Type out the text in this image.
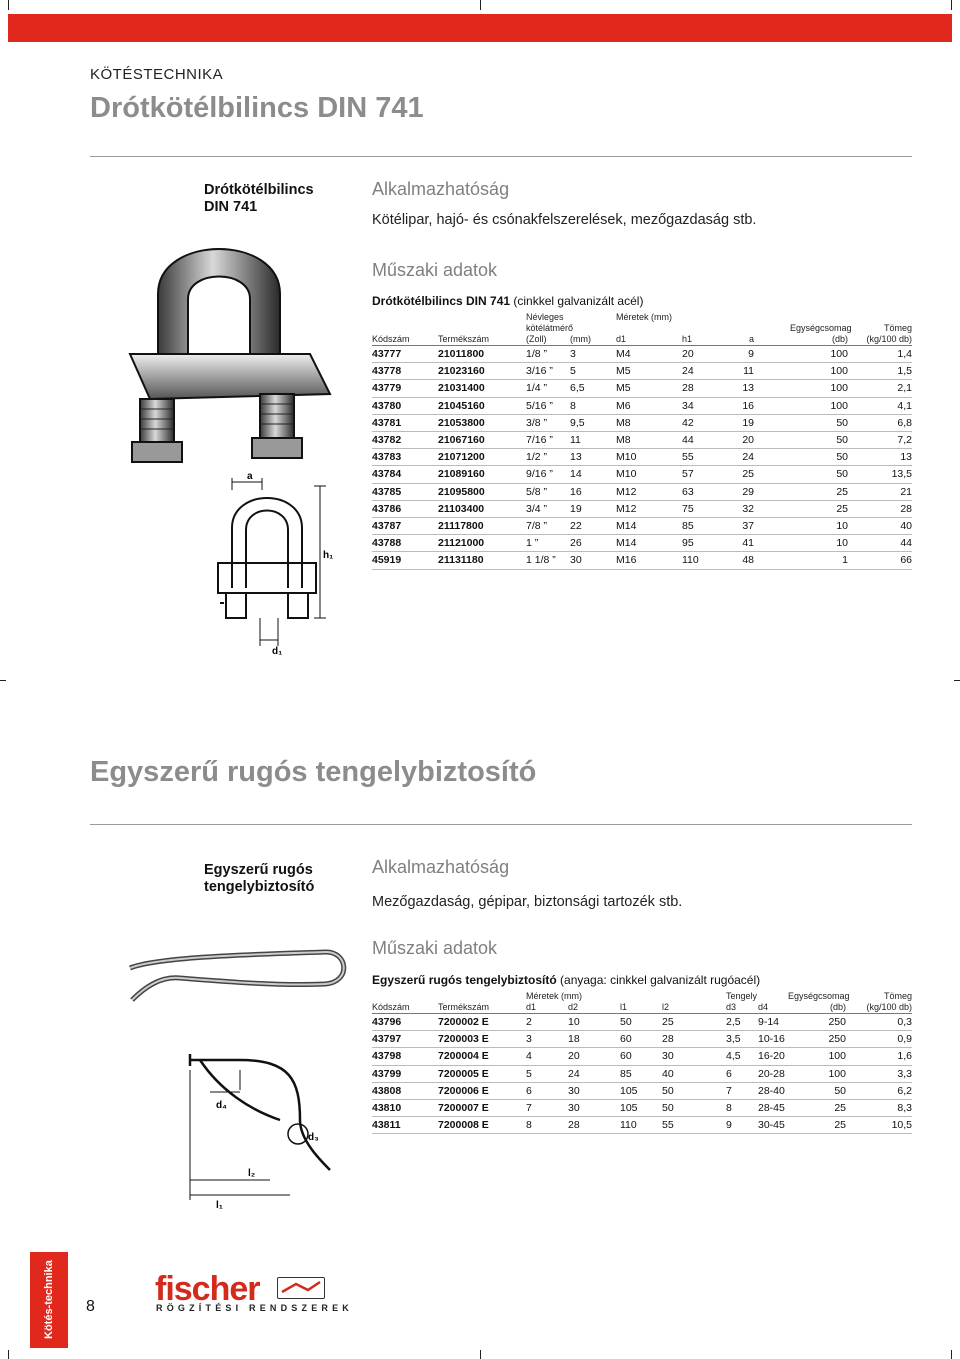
KÖTÉSTECHNIKA
Drótkötélbilincs DIN 741
Drótkötélbilincs
DIN 741
Alkalmazhatóság
Kötélipar, hajó- és csónakfelszerelések, mezőgazdaság stb.
Műszaki adatok
Drótkötélbilincs DIN 741 (cinkkel galvanizált acél)
a
h₁
d₁
		Névleges		Méretek (mm)				
		kötélátmérő					Egységcsomag	Tömeg
Kódszám	Termékszám	(Zoll)	(mm)	d1	h1	a	(db)	(kg/100 db)
43777	21011800	1/8 ”	3	M4	20	9	100	1,4
43778	21023160	3/16 ”	5	M5	24	11	100	1,5
43779	21031400	1/4 ”	6,5	M5	28	13	100	2,1
43780	21045160	5/16 ”	8	M6	34	16	100	4,1
43781	21053800	3/8 ”	9,5	M8	42	19	50	6,8
43782	21067160	7/16 ”	11	M8	44	20	50	7,2
43783	21071200	1/2 ”	13	M10	55	24	50	13
43784	21089160	9/16 ”	14	M10	57	25	50	13,5
43785	21095800	5/8 ”	16	M12	63	29	25	21
43786	21103400	3/4 ”	19	M12	75	32	25	28
43787	21117800	7/8 ”	22	M14	85	37	10	40
43788	21121000	1 ”	26	M14	95	41	10	44
45919	21131180	1 1/8 ”	30	M16	110	48	1	66
Egyszerű rugós tengelybiztosító
Egyszerű rugós
tengelybiztosító
Alkalmazhatóság
Mezőgazdaság, gépipar, biztonsági tartozék stb.
Műszaki adatok
Egyszerű rugós tengelybiztosító (anyaga: cinkkel galvanizált rugóacél)
d₄
d₃
l₂
l₁
		Méretek (mm)				Tengely		Egységcsomag	Tömeg
Kódszám	Termékszám	d1	d2	l1	l2	d3	d4	(db)	(kg/100 db)
43796	7200002 E	2	10	50	25	2,5	9-14	250	0,3
43797	7200003 E	3	18	60	28	3,5	10-16	250	0,9
43798	7200004 E	4	20	60	30	4,5	16-20	100	1,6
43799	7200005 E	5	24	85	40	6	20-28	100	3,3
43808	7200006 E	6	30	105	50	7	28-40	50	6,2
43810	7200007 E	7	30	105	50	8	28-45	25	8,3
43811	7200008 E	8	28	110	55	9	30-45	25	10,5
Kötés-technika	8 fischer
RÖGZÍTÉSI RENDSZEREK
